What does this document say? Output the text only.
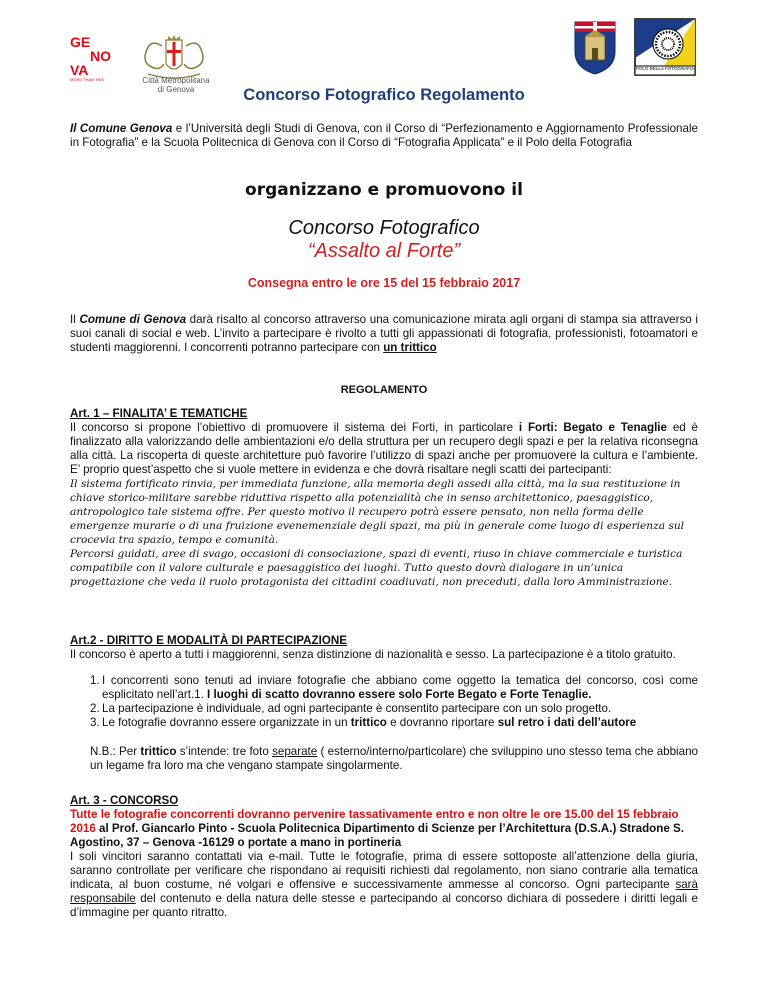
GE
NO
VA
MORE THAN THIS	Città Metropolitana
di Genova
POLO DELLA FOTOGRAFIA
Concorso Fotografico Regolamento
Il Comune Genova e l’Università degli Studi di Genova, con il Corso di “Perfezionamento e Aggiornamento Professionale in Fotografia” e la Scuola Politecnica di Genova con il Corso di “Fotografia Applicata” e il Polo della Fotografia
organizzano e promuovono il
Concorso Fotografico
“Assalto al Forte”
Consegna entro le ore 15 del 15 febbraio 2017
Il Comune di Genova darà risalto al concorso attraverso una comunicazione mirata agli organi di stampa sia attraverso i suoi canali di social e web. L’invito a partecipare è rivolto a tutti gli appassionati di fotografia, professionisti, fotoamatori e studenti maggiorenni. I concorrenti potranno partecipare con un trittico
REGOLAMENTO
Art. 1 – FINALITA’ E TEMATICHE
Il concorso si propone l’obiettivo di promuovere il sistema dei Forti, in particolare i Forti: Begato e Tenaglie ed è finalizzato alla valorizzando delle ambientazioni e/o della struttura per un recupero degli spazi e per la relativa riconsegna alla città. La riscoperta di queste architetture può favorire l’utilizzo di spazi anche per promuovere la cultura e l’ambiente. E’ proprio quest’aspetto che si vuole mettere in evidenza e che dovrà risaltare negli scatti dei partecipanti:
Il sistema fortificato rinvia, per immediata funzione, alla memoria degli assedi alla città, ma la sua restituzione in chiave storico-militare sarebbe riduttiva rispetto alla potenzialità che in senso architettonico, paesaggistico, antropologico tale sistema offre. Per questo motivo il recupero potrà essere pensato, non nella forma delle emergenze murarie o di una fruizione evenemenziale degli spazi, ma più in generale come luogo di esperienza sul crocevia tra spazio, tempo e comunità.
Percorsi guidati, aree di svago, occasioni di consociazione, spazi di eventi, riuso in chiave commerciale e turistica compatibile con il valore culturale e paesaggistico dei luoghi. Tutto questo dovrà dialogare in un’unica progettazione che veda il ruolo protagonista dei cittadini coadiuvati, non preceduti, dalla loro Amministrazione.
Art.2 - DIRITTO E MODALITÀ DI PARTECIPAZIONE
Il concorso è aperto a tutti i maggiorenni, senza distinzione di nazionalità e sesso. La partecipazione è a titolo gratuito.
1. I concorrenti sono tenuti ad inviare fotografie che abbiano come oggetto la tematica del concorso, così come esplicitato nell’art.1. I luoghi di scatto dovranno essere solo Forte Begato e Forte Tenaglie.
2. La partecipazione è individuale, ad ogni partecipante è consentito partecipare con un solo progetto.
3. Le fotografie dovranno essere organizzate in un trittico e dovranno riportare sul retro i dati dell’autore
N.B.: Per trittico s’intende: tre foto separate ( esterno/interno/particolare) che sviluppino uno stesso tema che abbiano un legame fra loro ma che vengano stampate singolarmente.
Art. 3 - CONCORSO
Tutte le fotografie concorrenti dovranno pervenire tassativamente entro e non oltre le ore 15.00 del 15 febbraio 2016 al Prof. Giancarlo Pinto - Scuola Politecnica Dipartimento di Scienze per l’Architettura (D.S.A.) Stradone S. Agostino, 37 – Genova -16129 o portate a mano in portineria
I soli vincitori saranno contattati via e-mail. Tutte le fotografie, prima di essere sottoposte all’attenzione della giuria, saranno controllate per verificare che rispondano ai requisiti richiesti dal regolamento, non siano contrarie alla tematica indicata, al buon costume, né volgari e offensive e successivamente ammesse al concorso. Ogni partecipante sarà responsabile del contenuto e della natura delle stesse e partecipando al concorso dichiara di possedere i diritti legali e d’immagine per quanto ritratto.
